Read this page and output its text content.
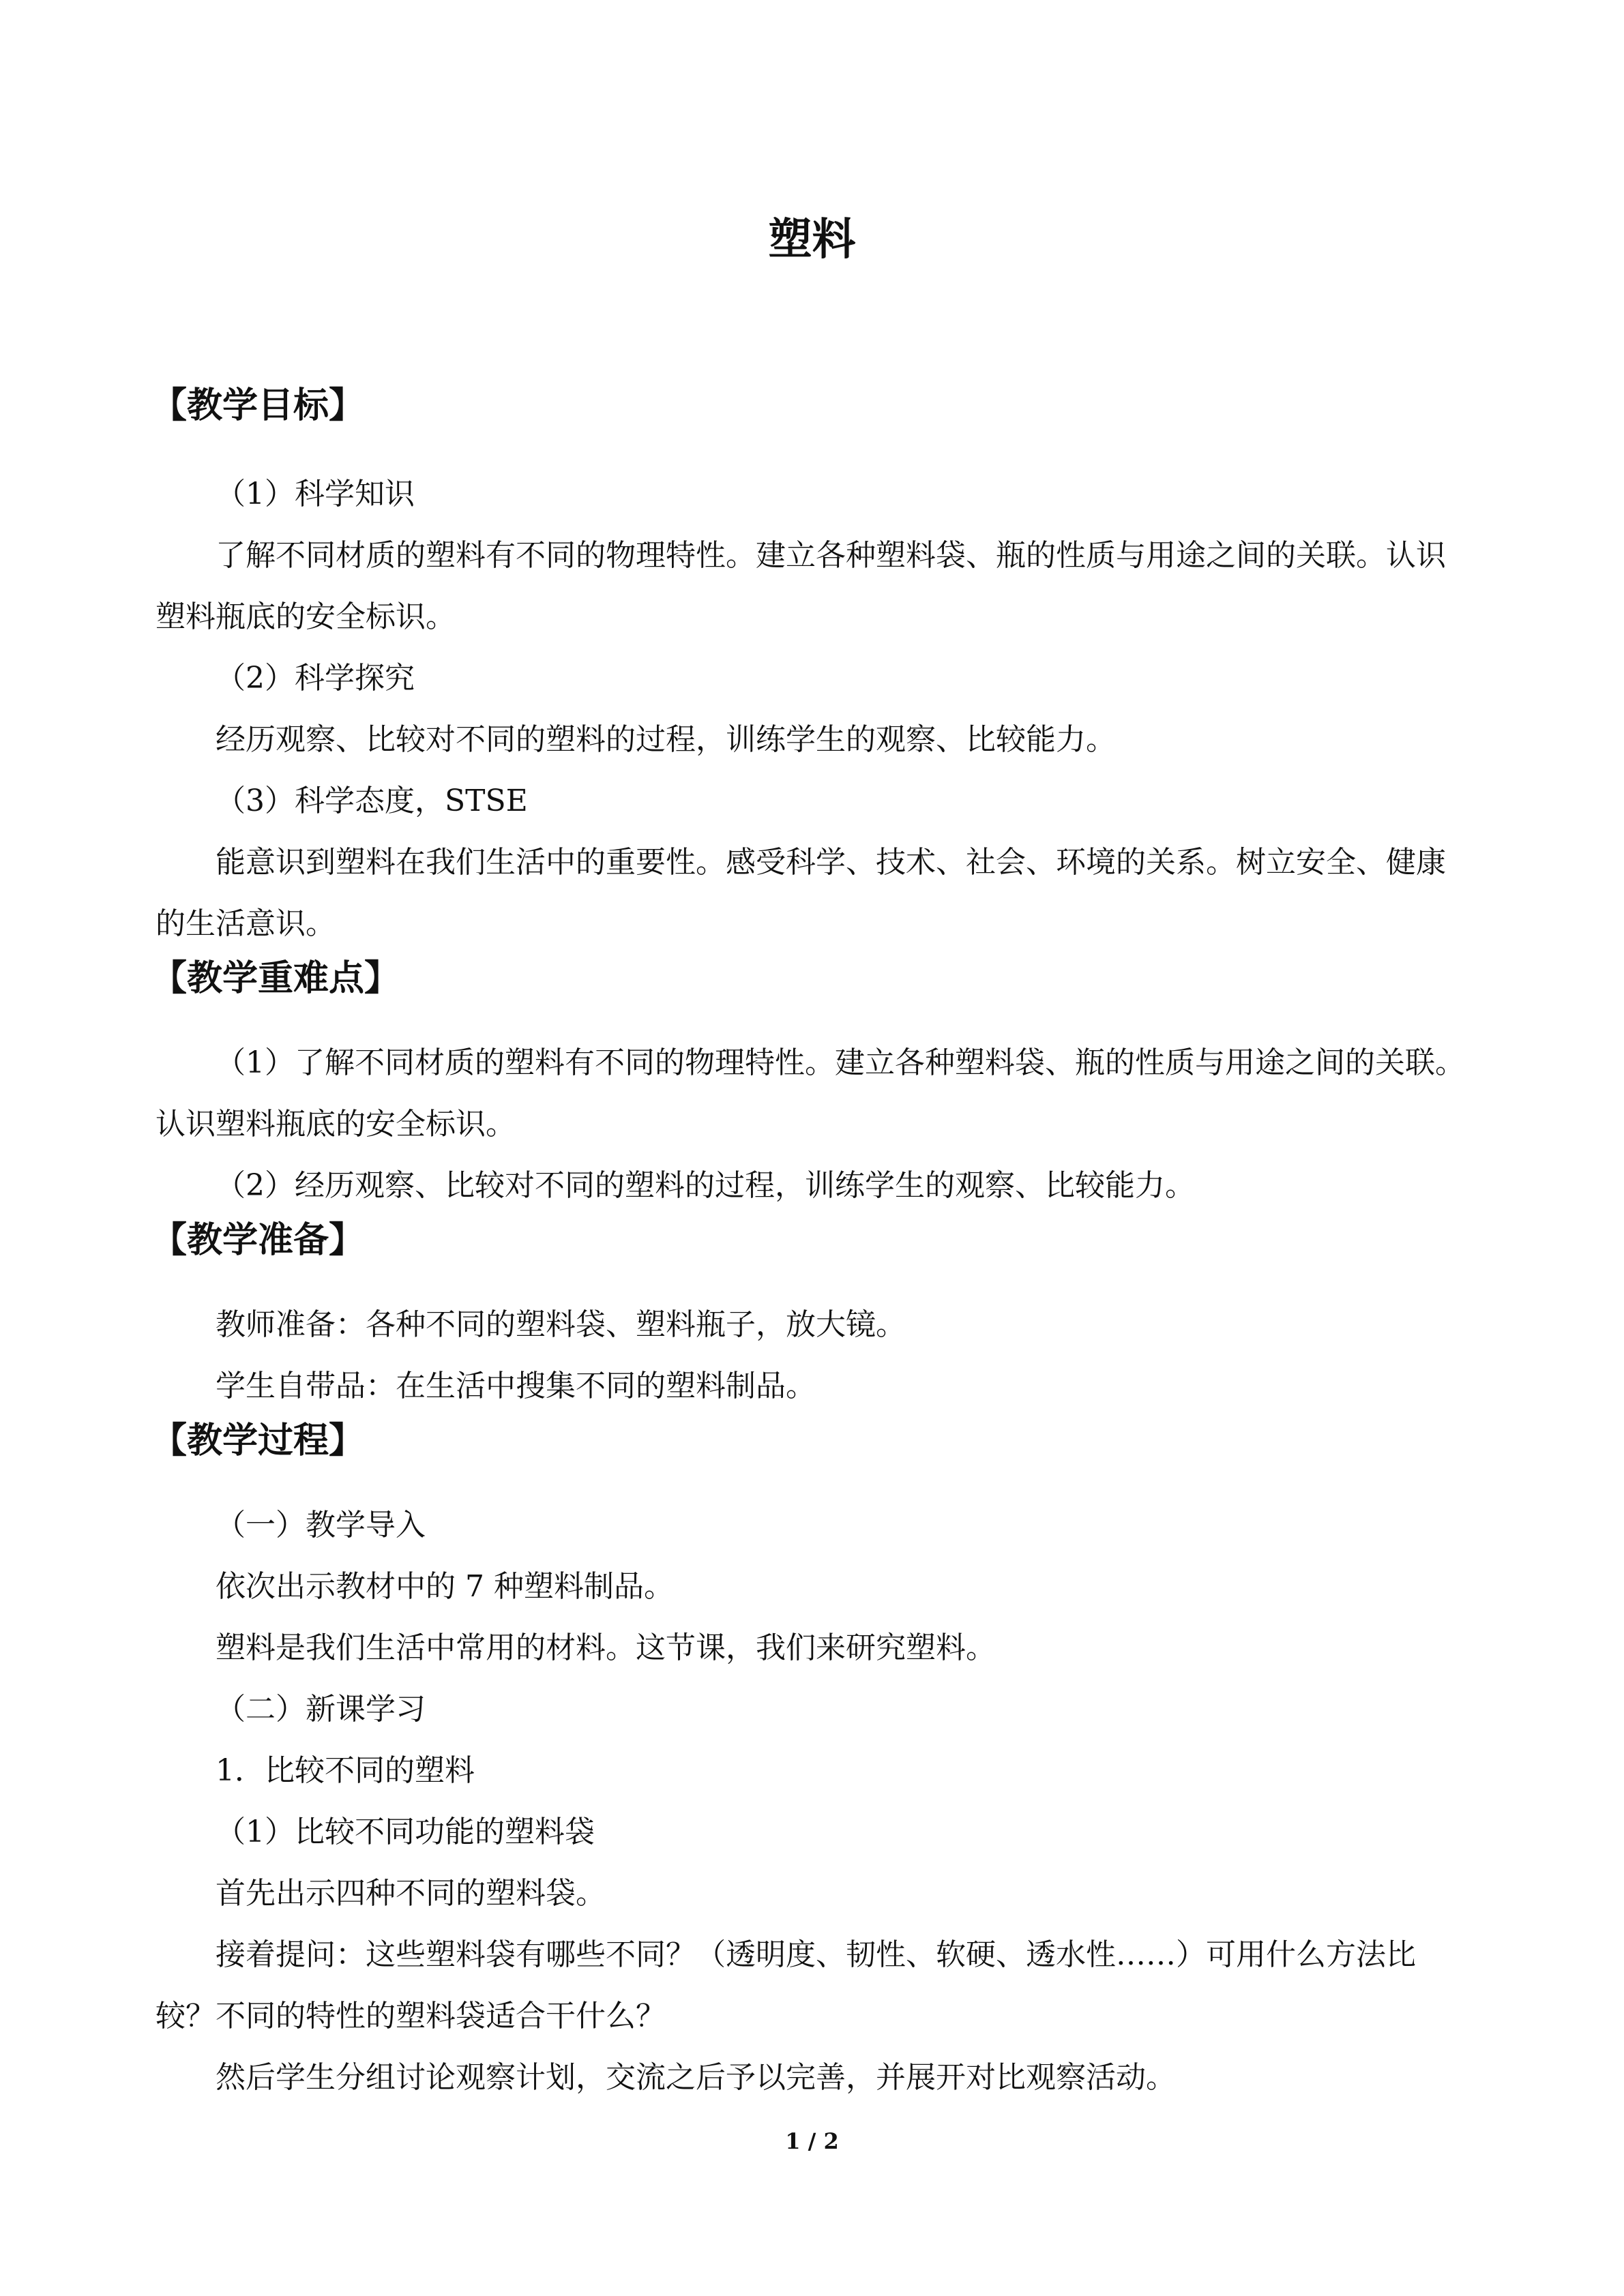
塑料
【教学目标】

（1）科学知识

了解不同材质的塑料有不同的物理特性。建立各种塑料袋、瓶的性质与用途之间的关联。认识塑料瓶底的安全标识。

（2）科学探究

经历观察、比较对不同的塑料的过程，训练学生的观察、比较能力。

（3）科学态度，STSE

能意识到塑料在我们生活中的重要性。感受科学、技术、社会、环境的关系。树立安全、健康的生活意识。

【教学重难点】

（1）了解不同材质的塑料有不同的物理特性。建立各种塑料袋、瓶的性质与用途之间的关联。认识塑料瓶底的安全标识。

（2）经历观察、比较对不同的塑料的过程，训练学生的观察、比较能力。

【教学准备】

教师准备：各种不同的塑料袋、塑料瓶子，放大镜。

学生自带品：在生活中搜集不同的塑料制品。

【教学过程】

（一）教学导入

依次出示教材中的 7 种塑料制品。

塑料是我们生活中常用的材料。这节课，我们来研究塑料。

（二）新课学习

1．比较不同的塑料

（1）比较不同功能的塑料袋

首先出示四种不同的塑料袋。

接着提问：这些塑料袋有哪些不同？（透明度、韧性、软硬、透水性……）可用什么方法比较？不同的特性的塑料袋适合干什么？

然后学生分组讨论观察计划，交流之后予以完善，并展开对比观察活动。

1 / 2
